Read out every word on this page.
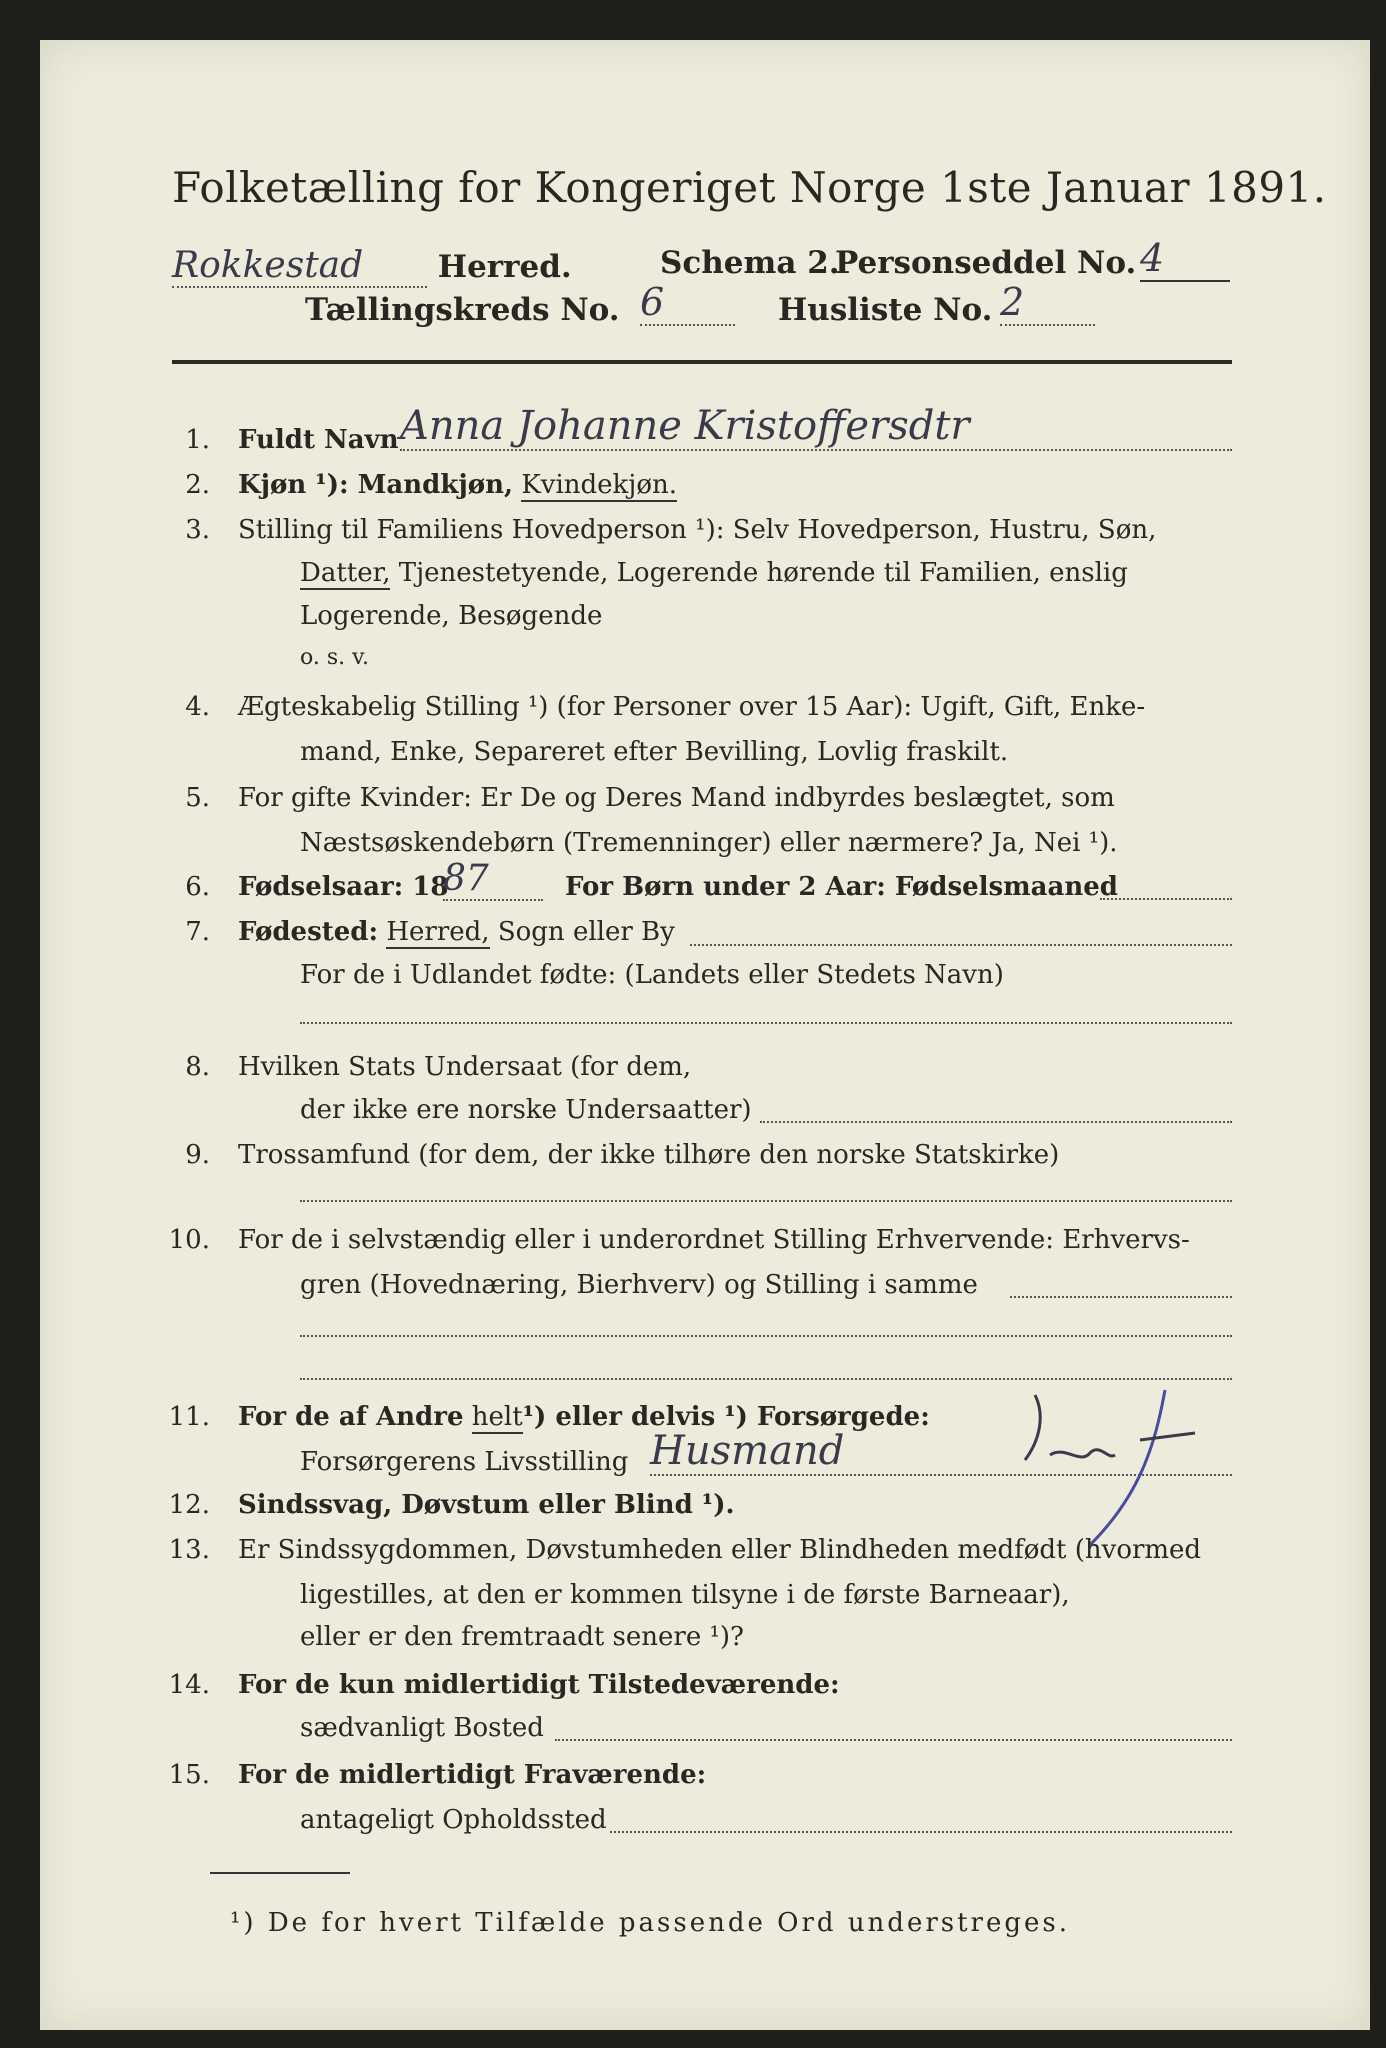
Folketælling for Kongeriget Norge 1ste Januar 1891.
Rokkestad Herred.	Schema 2.
Personseddel No. 4
Tællingskreds No. 6	Husliste No. 2
1. Fuldt Navn Anna Johanne Kristoffersdtr
2. Kjøn ¹): Mandkjøn, Kvindekjøn.
3. Stilling til Familiens Hovedperson ¹): Selv Hovedperson, Hustru, Søn,
Datter, Tjenestetyende, Logerende hørende til Familien, enslig
Logerende, Besøgende
o. s. v.
4. Ægteskabelig Stilling ¹) (for Personer over 15 Aar): Ugift, Gift, Enke-
mand, Enke, Separeret efter Bevilling, Lovlig fraskilt.
5. For gifte Kvinder: Er De og Deres Mand indbyrdes beslægtet, som
Næstsøskendebørn (Tremenninger) eller nærmere? Ja, Nei ¹).
6. Fødselsaar: 18
87	For Børn under 2 Aar: Fødselsmaaned
7. Fødested: Herred, Sogn eller By
For de i Udlandet fødte: (Landets eller Stedets Navn)
8. Hvilken Stats Undersaat (for dem,
der ikke ere norske Undersaatter)
9. Trossamfund (for dem, der ikke tilhøre den norske Statskirke)
10. For de i selvstændig eller i underordnet Stilling Erhvervende: Erhvervs-
gren (Hovednæring, Bierhverv) og Stilling i samme
11. For de af Andre helt¹) eller delvis ¹) Forsørgede:
Forsørgerens Livsstilling Husmand
12. Sindssvag, Døvstum eller Blind ¹).
13. Er Sindssygdommen, Døvstumheden eller Blindheden medfødt (hvormed
ligestilles, at den er kommen tilsyne i de første Barneaar),
eller er den fremtraadt senere ¹)?
14. For de kun midlertidigt Tilstedeværende:
sædvanligt Bosted
15. For de midlertidigt Fraværende:
antageligt Opholdssted
¹) De for hvert Tilfælde passende Ord understreges.
